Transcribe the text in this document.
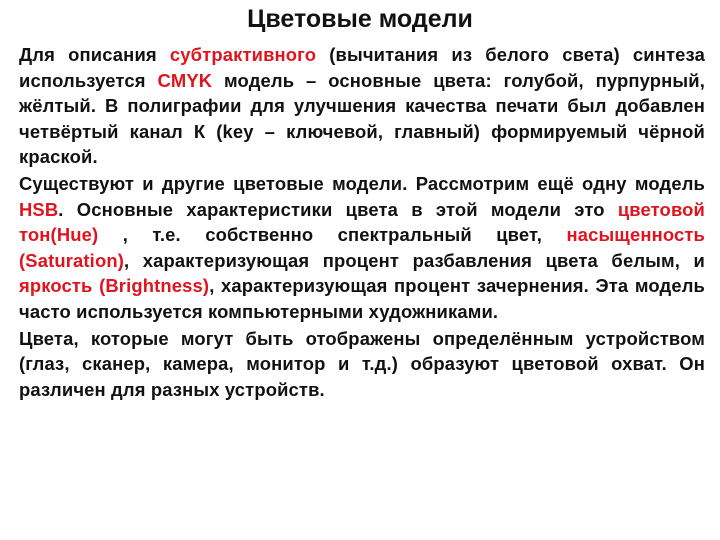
Цветовые модели

Для описания субтрактивного (вычитания из белого света) синтеза используется CMYK модель – основные цвета: голубой, пурпурный, жёлтый. В полиграфии для улучшения качества печати был добавлен четвёртый канал К (key – ключевой, главный) формируемый чёрной краской.

Существуют и другие цветовые модели. Рассмотрим ещё одну модель HSB. Основные характеристики цвета в этой модели это цветовой тон(Hue) , т.е. собственно спектральный цвет, насыщенность (Saturation), характеризующая процент разбавления цвета белым, и яркость (Brightness), характеризующая процент зачернения. Эта модель часто используется компьютерными художниками.

Цвета, которые могут быть отображены определённым устройством (глаз, сканер, камера, монитор и т.д.) образуют цветовой охват. Он различен для разных устройств.
